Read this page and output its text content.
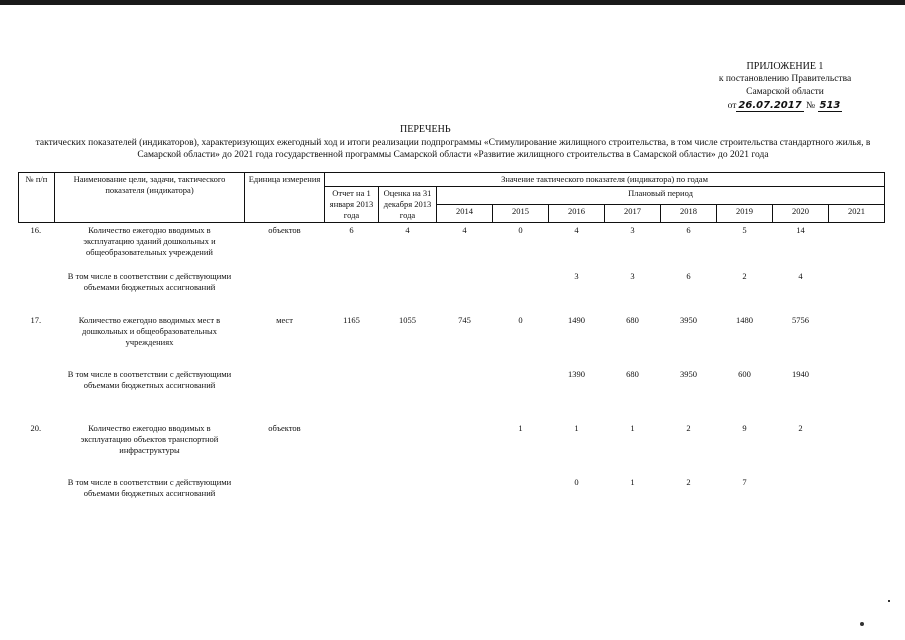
ПРИЛОЖЕНИЕ 1
к постановлению Правительства
Самарской области
от 26.07.2017 № 513
ПЕРЕЧЕНЬ
тактических показателей (индикаторов), характеризующих ежегодный ход и итоги реализации подпрограммы «Стимулирование жилищного строительства, в том числе строительства стандартного жилья, в Самарской области» до 2021 года государственной программы Самарской области «Развитие жилищного строительства в Самарской области» до 2021 года
№ п/п	Наименование цели, задачи, тактического показателя (индикатора)	Единица измерения	Значение тактического показателя (индикатора) по годам									
			Отчет на 1 января 2013 года	Оценка на 31 декабря 2013 года	Плановый период							
					2014	2015	2016	2017	2018	2019	2020	2021
16.	Количество ежегодно вводимых в эксплуатацию зданий дошкольных и общеобразовательных учреждений	объектов	6	4	4	0	4	3	6	5	14	
	В том числе в соответствии с действующими объемами бюджетных ассигнований						3	3	6	2	4	
17.	Количество ежегодно вводимых мест в дошкольных и общеобразовательных учреждениях	мест	1165	1055	745	0	1490	680	3950	1480	5756	
	В том числе в соответствии с действующими объемами бюджетных ассигнований						1390	680	3950	600	1940	
20.	Количество ежегодно вводимых в эксплуатацию объектов транспортной инфраструктуры	объектов				1	1	1	2	9	2	
	В том числе в соответствии с действующими объемами бюджетных ассигнований						0	1	2	7		
